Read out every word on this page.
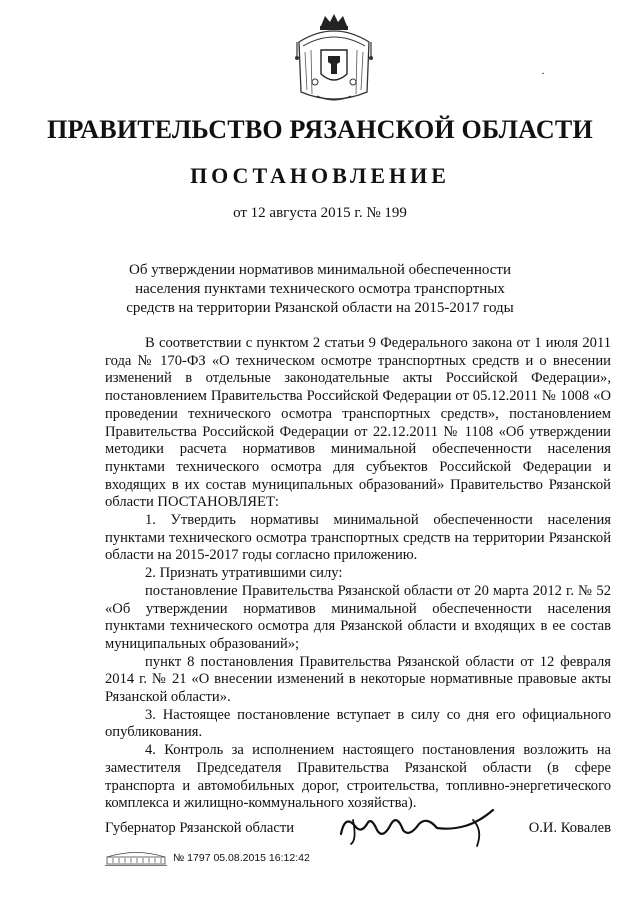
·
ПРАВИТЕЛЬСТВО РЯЗАНСКОЙ ОБЛАСТИ
ПОСТАНОВЛЕНИЕ
от 12 августа 2015 г. № 199
Об утверждении нормативов минимальной обеспеченности
населения пунктами технического осмотра транспортных
средств на территории Рязанской области на 2015-2017 годы

В соответствии с пунктом 2 статьи 9 Федерального закона от 1 июля 2011 года № 170-ФЗ «О техническом осмотре транспортных средств и о внесении изменений в отдельные законодательные акты Российской Федерации», постановлением Правительства Российской Федерации от 05.12.2011 № 1008 «О проведении технического осмотра транспортных средств», постановлением Правительства Российской Федерации от 22.12.2011 № 1108 «Об утверждении методики расчета нормативов минимальной обеспеченности населения пунктами технического осмотра для субъектов Российской Федерации и входящих в их состав муниципальных образований» Правительство Рязанской области ПОСТАНОВЛЯЕТ:

1. Утвердить нормативы минимальной обеспеченности населения пунктами технического осмотра транспортных средств на территории Рязанской области на 2015-2017 годы согласно приложению.

2. Признать утратившими силу:

постановление Правительства Рязанской области от 20 марта 2012 г. № 52 «Об утверждении нормативов минимальной обеспеченности населения пунктами технического осмотра для Рязанской области и входящих в ее состав муниципальных образований»;

пункт 8 постановления Правительства Рязанской области от 12 февраля 2014 г. № 21 «О внесении изменений в некоторые нормативные правовые акты Рязанской области».

3. Настоящее постановление вступает в силу со дня его официального опубликования.

4. Контроль за исполнением настоящего постановления возложить на заместителя Председателя Правительства Рязанской области (в сфере транспорта и автомобильных дорог, строительства, топливно-энергетического комплекса и жилищно-коммунального хозяйства).

Губернатор Рязанской области	О.И. Ковалев
№ 1797 05.08.2015 16:12:42
